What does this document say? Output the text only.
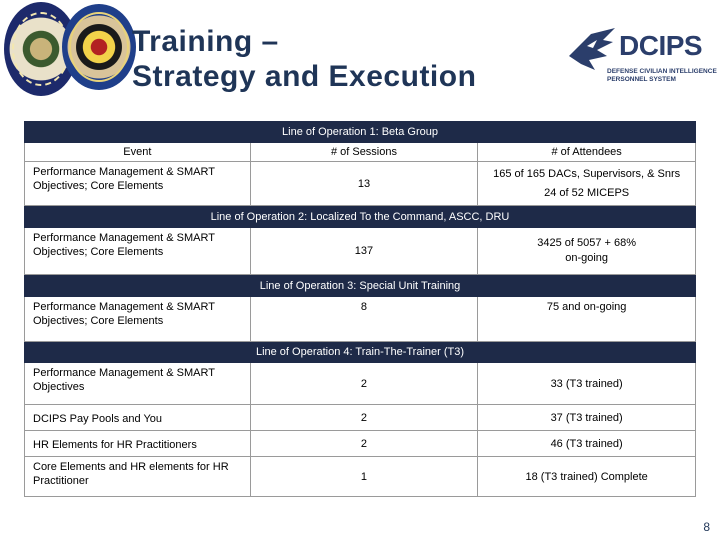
Training –
Strategy and Execution
DCIPS
DEFENSE CIVILIAN INTELLIGENCE PERSONNEL SYSTEM
Line of Operation 1: Beta Group		
Event	# of Sessions	# of Attendees
Performance Management & SMART Objectives; Core Elements	13	165 of 165 DACs, Supervisors, & Snrs
24 of 52 MICEPS

Line of Operation 2: Localized To the Command, ASCC, DRU		
Performance Management & SMART Objectives; Core Elements	137	3425 of 5057 + 68%
on-going

Line of Operation 3: Special Unit Training		
Performance Management & SMART Objectives; Core Elements	8	75 and on-going
Line of Operation 4: Train-The-Trainer (T3)		
Performance Management & SMART Objectives	2	33 (T3 trained)
DCIPS Pay Pools and You	2	37 (T3 trained)
HR Elements for HR Practitioners	2	46 (T3 trained)
Core Elements and HR elements for HR Practitioner	1	18 (T3 trained) Complete
8
